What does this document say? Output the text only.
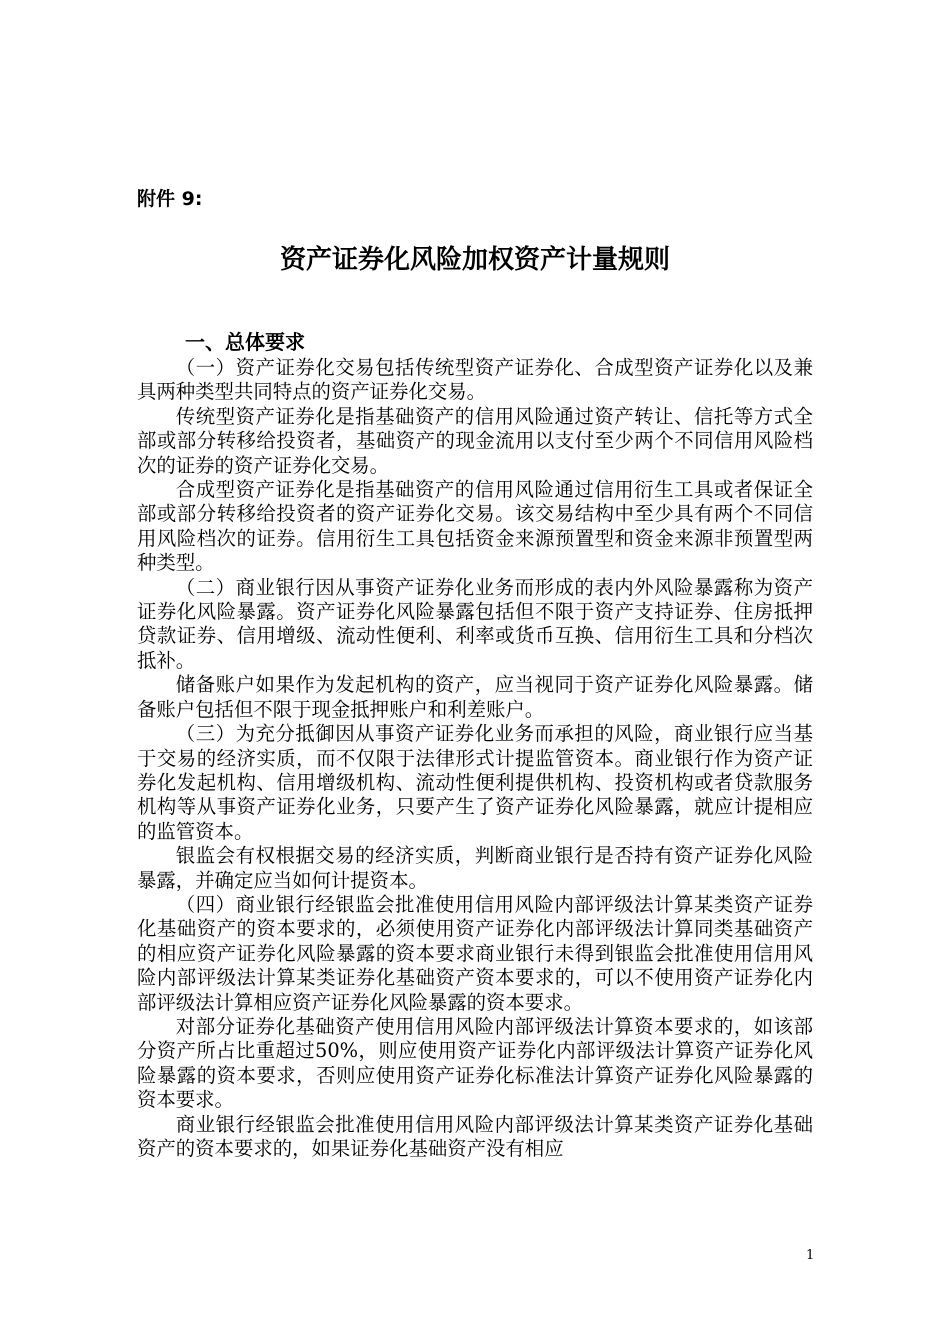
附件 9:
资产证券化风险加权资产计量规则
一、总体要求

（一）资产证券化交易包括传统型资产证券化、合成型资产证券化以及兼具两种类型共同特点的资产证券化交易。

传统型资产证券化是指基础资产的信用风险通过资产转让、信托等方式全部或部分转移给投资者，基础资产的现金流用以支付至少两个不同信用风险档次的证券的资产证券化交易。

合成型资产证券化是指基础资产的信用风险通过信用衍生工具或者保证全部或部分转移给投资者的资产证券化交易。该交易结构中至少具有两个不同信用风险档次的证券。信用衍生工具包括资金来源预置型和资金来源非预置型两种类型。

（二）商业银行因从事资产证券化业务而形成的表内外风险暴露称为资产证券化风险暴露。资产证券化风险暴露包括但不限于资产支持证券、住房抵押贷款证券、信用增级、流动性便利、利率或货币互换、信用衍生工具和分档次抵补。

储备账户如果作为发起机构的资产，应当视同于资产证券化风险暴露。储备账户包括但不限于现金抵押账户和利差账户。

（三）为充分抵御因从事资产证券化业务而承担的风险，商业银行应当基于交易的经济实质，而不仅限于法律形式计提监管资本。商业银行作为资产证券化发起机构、信用增级机构、流动性便利提供机构、投资机构或者贷款服务机构等从事资产证券化业务，只要产生了资产证券化风险暴露，就应计提相应的监管资本。

银监会有权根据交易的经济实质，判断商业银行是否持有资产证券化风险暴露，并确定应当如何计提资本。

（四）商业银行经银监会批准使用信用风险内部评级法计算某类资产证券化基础资产的资本要求的，必须使用资产证券化内部评级法计算同类基础资产的相应资产证券化风险暴露的资本要求商业银行未得到银监会批准使用信用风险内部评级法计算某类证券化基础资产资本要求的，可以不使用资产证券化内部评级法计算相应资产证券化风险暴露的资本要求。

对部分证券化基础资产使用信用风险内部评级法计算资本要求的，如该部分资产所占比重超过50%，则应使用资产证券化内部评级法计算资产证券化风险暴露的资本要求，否则应使用资产证券化标准法计算资产证券化风险暴露的资本要求。

商业银行经银监会批准使用信用风险内部评级法计算某类资产证券化基础资产的资本要求的，如果证券化基础资产没有相应

1
